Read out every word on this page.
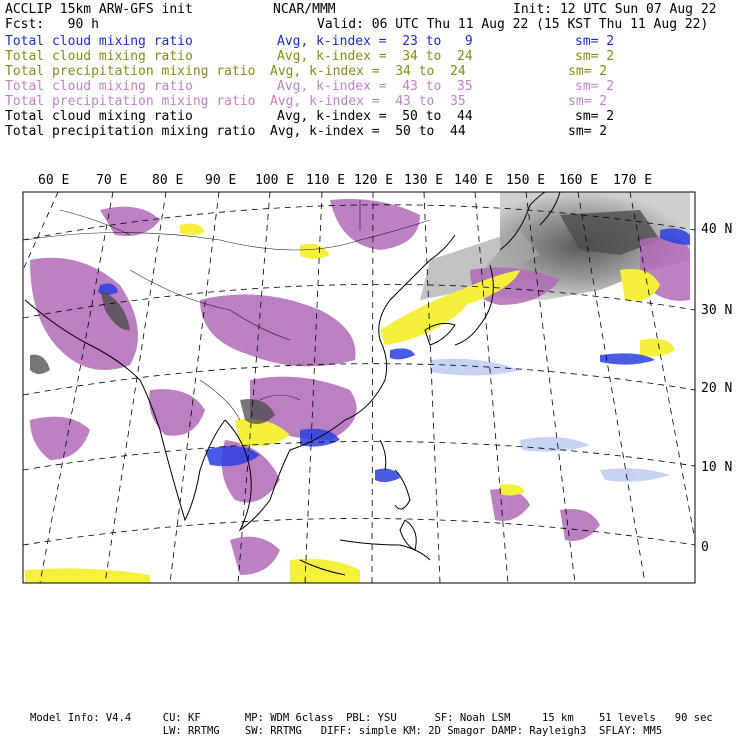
ACCLIP 15km ARW-GFS init	NCAR/MMM	Init: 12 UTC Sun 07 Aug 22
Fcst:   90 h	Valid: 06 UTC Thu 11 Aug 22 (15 KST Thu 11 Aug 22)
Total cloud mixing ratio	Avg, k-index =  23 to   9	sm= 2
Total cloud mixing ratio	Avg, k-index =  34 to  24	sm= 2
Total precipitation mixing ratio Avg, k-index =  34 to  24	sm= 2
Total cloud mixing ratio	Avg, k-index =  43 to  35	sm= 2
Total precipitation mixing ratio Avg, k-index =  43 to  35	sm= 2
Total cloud mixing ratio	Avg, k-index =  50 to  44	sm= 2
Total precipitation mixing ratio Avg, k-index =  50 to  44	sm= 2
60 E 70 E 80 E 90 E 100 E 110 E 120 E 130 E 140 E 150 E 160 E 170 E
40 N
30 N
20 N
10 N
0
Model Info: V4.4     CU: KF       MP: WDM 6class  PBL: YSU      SF: Noah LSM     15 km    51 levels   90 sec
LW: RRTMG    SW: RRTMG   DIFF: simple KM: 2D Smagor DAMP: Rayleigh3  SFLAY: MM5
